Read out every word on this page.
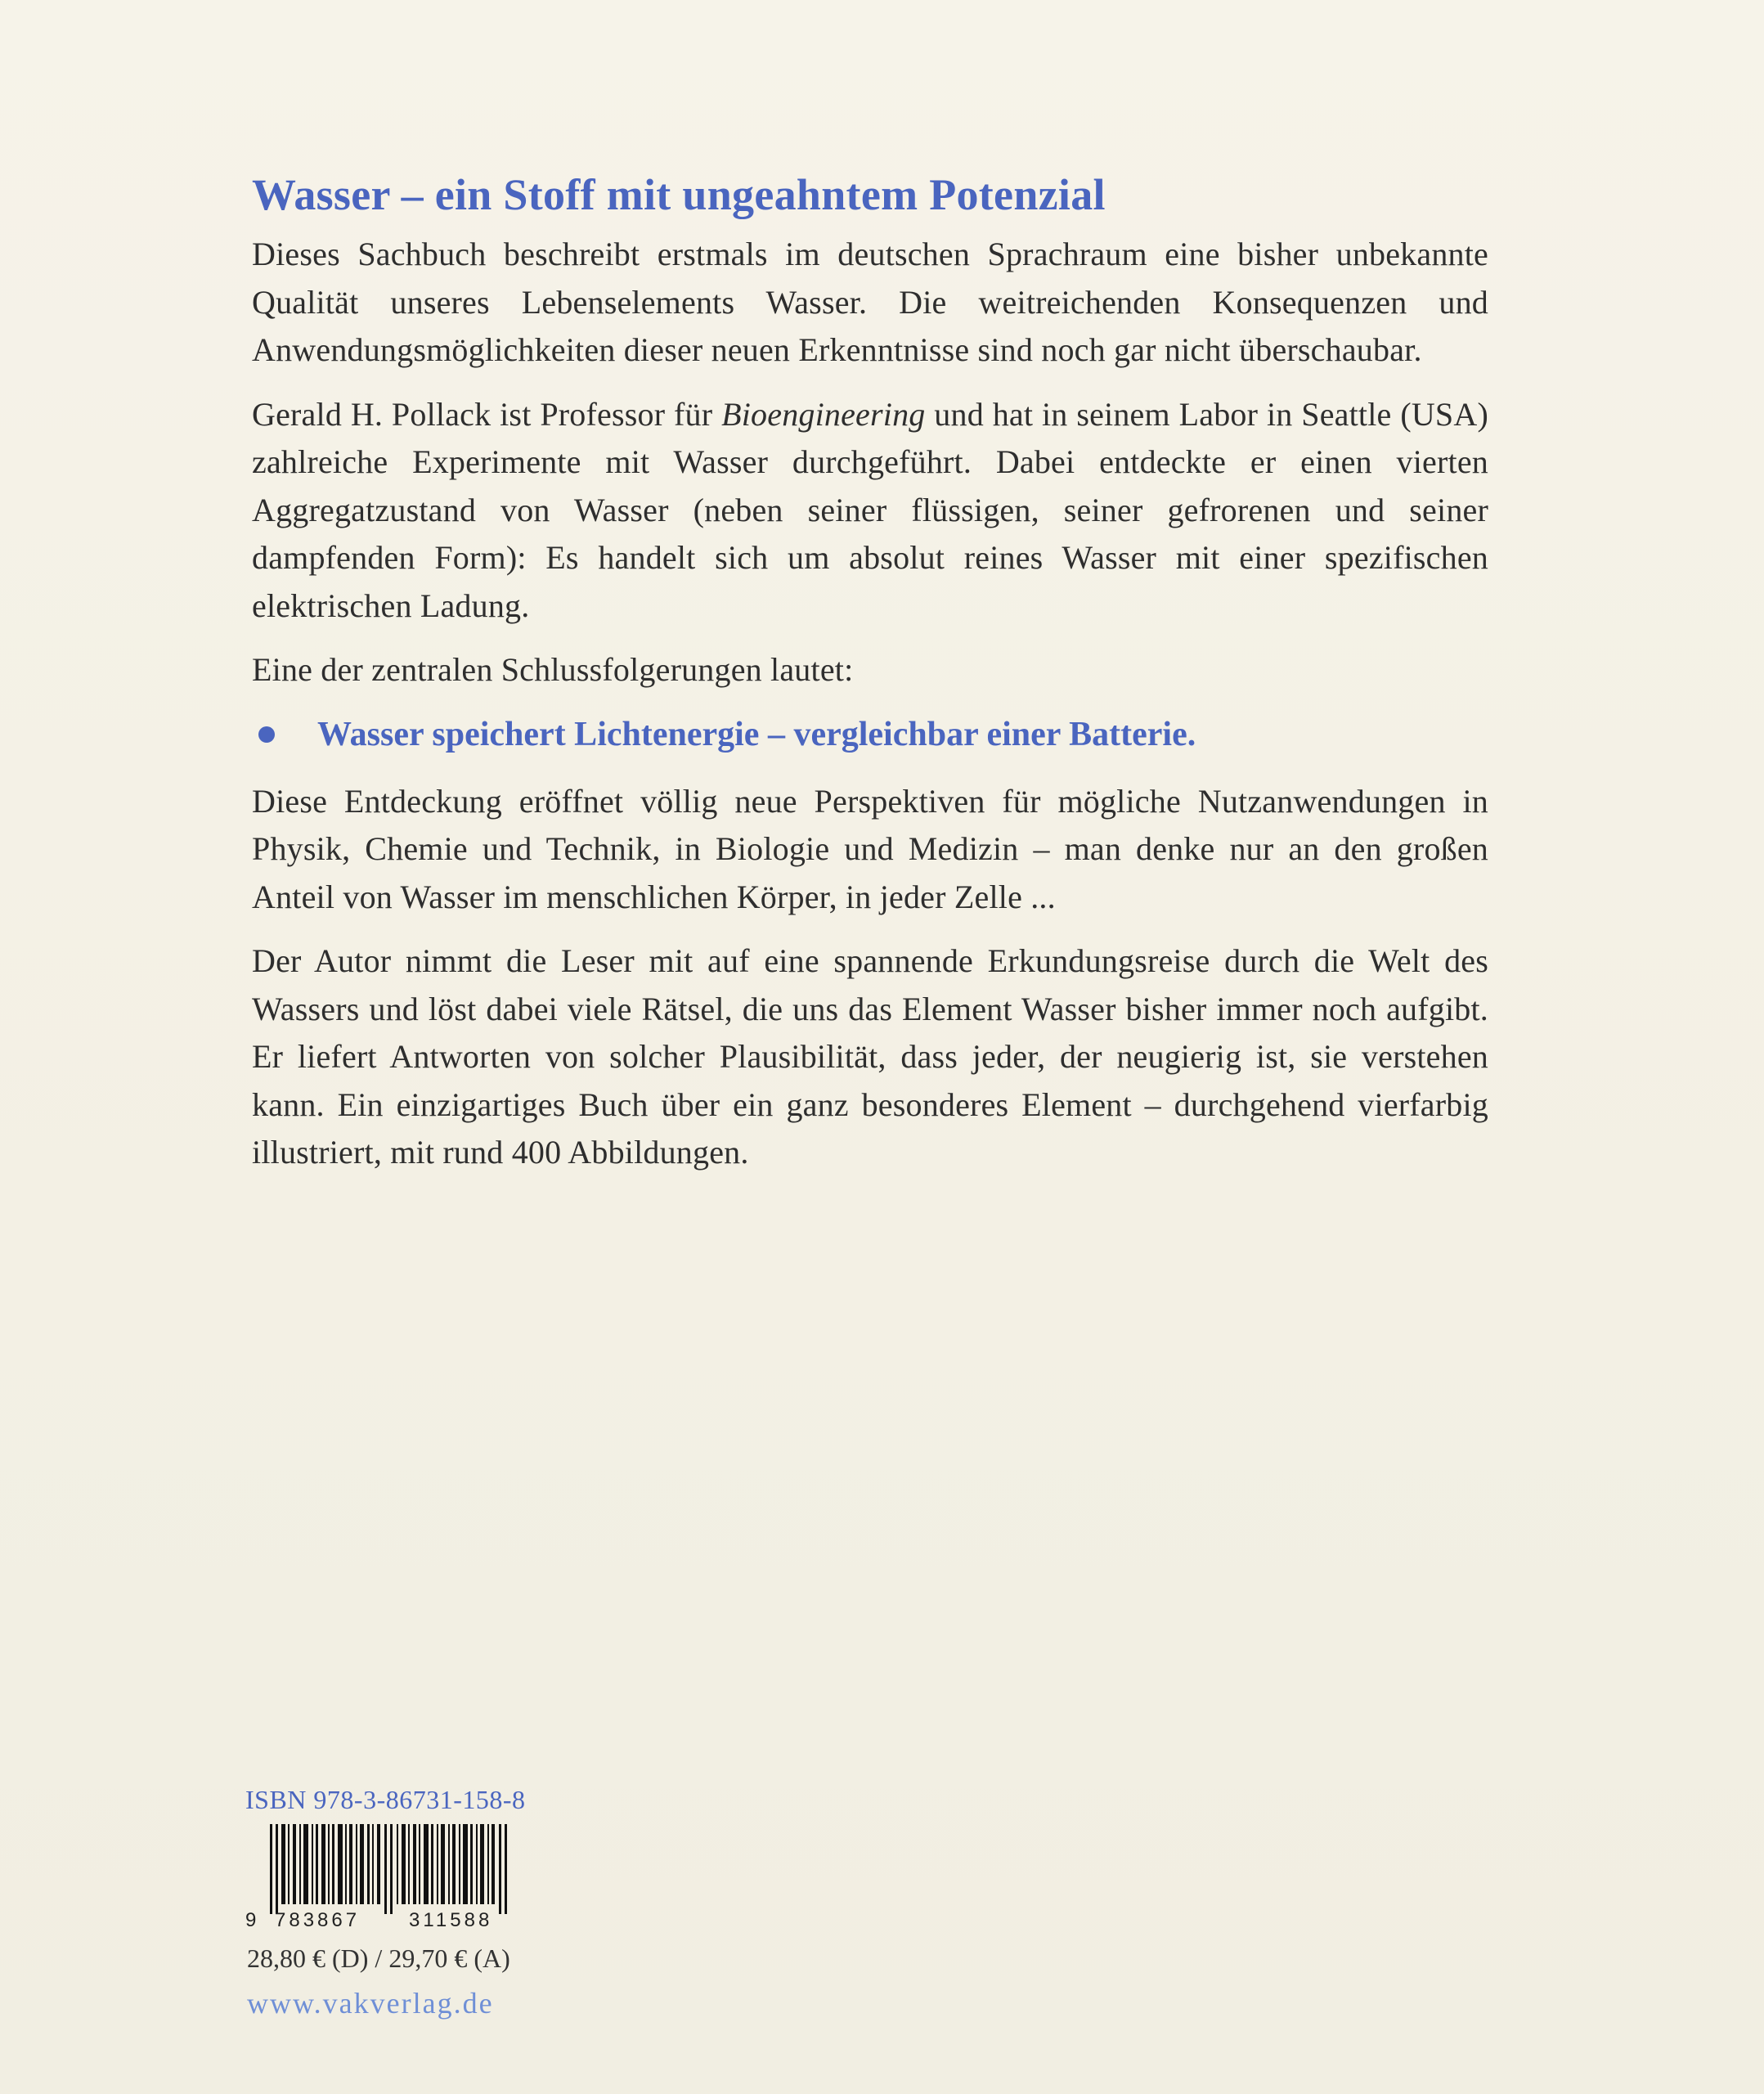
Wasser – ein Stoff mit ungeahntem Potenzial

Dieses Sachbuch beschreibt erstmals im deutschen Sprachraum eine bisher unbekannte Qualität unseres Lebenselements Wasser. Die weitreichenden Konsequenzen und Anwendungsmöglichkeiten dieser neuen Erkenntnisse sind noch gar nicht überschaubar.

Gerald H. Pollack ist Professor für Bioengineering und hat in seinem Labor in Seattle (USA) zahlreiche Experimente mit Wasser durchgeführt. Dabei entdeckte er einen vierten Aggregatzustand von Wasser (neben seiner flüssigen, seiner gefrorenen und seiner dampfenden Form): Es handelt sich um absolut reines Wasser mit einer spezifischen elektrischen Ladung.

Eine der zentralen Schlussfolgerungen lautet:

Wasser speichert Lichtenergie – vergleichbar einer Batterie.

Diese Entdeckung eröffnet völlig neue Perspektiven für mögliche Nutzanwendungen in Physik, Chemie und Technik, in Biologie und Medizin – man denke nur an den großen Anteil von Wasser im menschlichen Körper, in jeder Zelle ...

Der Autor nimmt die Leser mit auf eine spannende Erkundungsreise durch die Welt des Wassers und löst dabei viele Rätsel, die uns das Element Wasser bisher immer noch aufgibt. Er liefert Antworten von solcher Plausibilität, dass jeder, der neugierig ist, sie verstehen kann. Ein einzigartiges Buch über ein ganz besonderes Element – durchgehend vierfarbig illustriert, mit rund 400 Abbildungen.

ISBN 978-3-86731-158-8
9 783867 311588
28,80 € (D) / 29,70 € (A)
www.vakverlag.de
